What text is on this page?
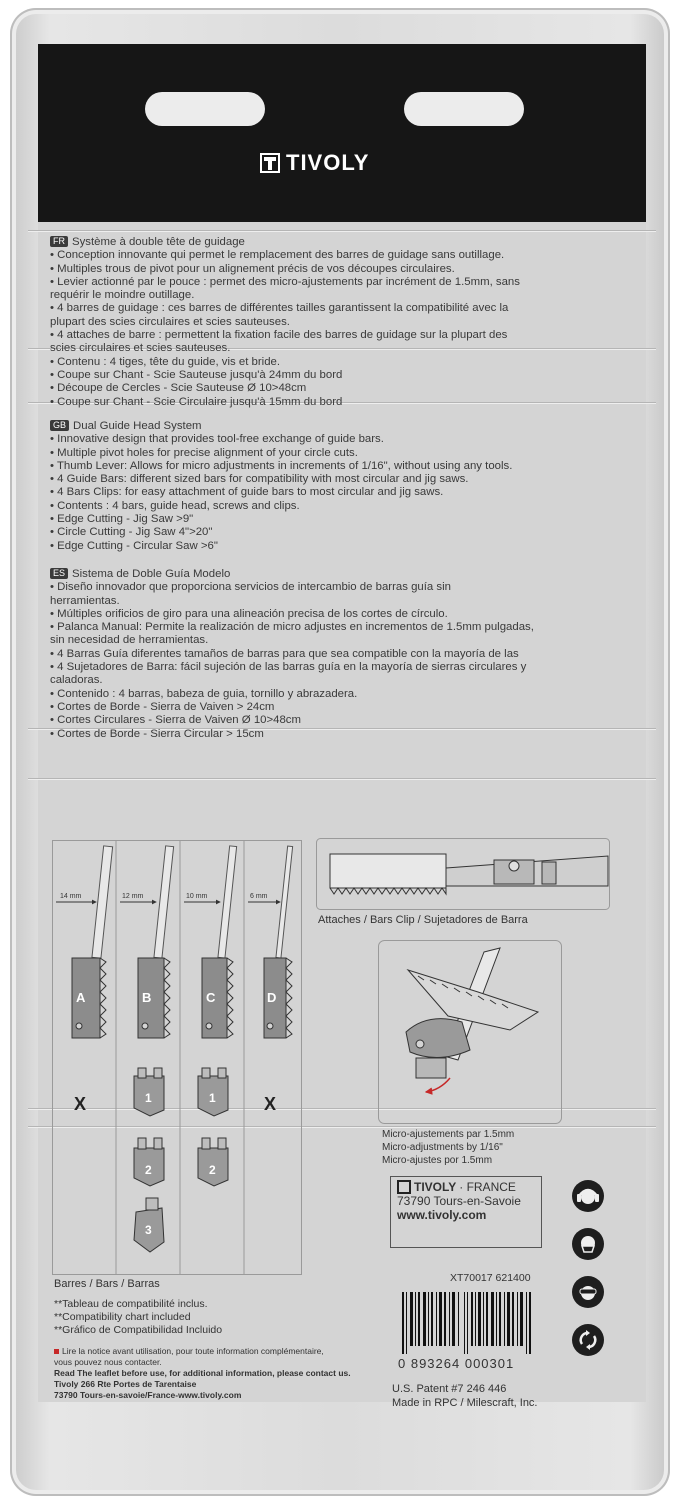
TIVOLY
FR Système à double tête de guidage
• Conception innovante qui permet le remplacement des barres de guidage sans outillage.
• Multiples trous de pivot pour un alignement précis de vos découpes circulaires.
• Levier actionné par le pouce : permet des micro-ajustements par incrément de 1.5mm, sans
requérir le moindre outillage.
• 4 barres de guidage : ces barres de différentes tailles garantissent la compatibilité avec la
plupart des scies circulaires et scies sauteuses.
• 4 attaches de barre : permettent la fixation facile des barres de guidage sur la plupart des
scies circulaires et scies sauteuses.
• Contenu : 4 tiges, tête du guide, vis et bride.
• Coupe sur Chant - Scie Sauteuse jusqu'à 24mm du bord
• Découpe de Cercles - Scie Sauteuse Ø 10>48cm
• Coupe sur Chant - Scie Circulaire jusqu'à 15mm du bord
GB Dual Guide Head System
• Innovative design that provides tool-free exchange of guide bars.
• Multiple pivot holes for precise alignment of your circle cuts.
• Thumb Lever: Allows for micro adjustments in increments of 1/16", without using any tools.
• 4 Guide Bars: different sized bars for compatibility with most circular and jig saws.
• 4 Bars Clips: for easy attachment of guide bars to most circular and jig saws.
• Contents : 4 bars, guide head, screws and clips.
• Edge Cutting - Jig Saw >9"
• Circle Cutting - Jig Saw 4">20"
• Edge Cutting - Circular Saw >6"
ES Sistema de Doble Guía Modelo
• Diseño innovador que proporciona servicios de intercambio de barras guía sin
herramientas.
• Múltiples orificios de giro para una alineación precisa de los cortes de círculo.
• Palanca Manual: Permite la realización de micro adjustes en incrementos de 1.5mm pulgadas,
sin necesidad de herramientas.
• 4 Barras Guía diferentes tamaños de barras para que sea compatible con la mayoría de las
• 4 Sujetadores de Barra: fácil sujeción de las barras guía en la mayoría de sierras circulares y
caladoras.
• Contenido : 4 barras, babeza de guia, tornillo y abrazadera.
• Cortes de Borde - Sierra de Vaiven > 24cm
• Cortes Circulares - Sierra de Vaiven Ø 10>48cm
• Cortes de Borde - Sierra Circular > 15cm
14 mm
A
12 mm
B
10 mm
C
6 mm
D
X	X
1
2
3
1
2
Attaches / Bars Clip / Sujetadores de Barra
Micro-ajustements par 1.5mm
Micro-adjustments by 1/16"
Micro-ajustes por 1.5mm
Barres / Bars / Barras
**Tableau de compatibilité inclus.
**Compatibility chart included
**Gráfico de Compatibilidad Incluido
Lire la notice avant utilisation, pour toute information complémentaire,
vous pouvez nous contacter.
Read The leaflet before use, for additional information, please contact us.
Tivoly 266 Rte Portes de Tarentaise
73790 Tours-en-savoie/France-www.tivoly.com
TIVOLY · FRANCE
73790 Tours-en-Savoie
www.tivoly.com
XT70017 621400
0 893264 000301
U.S. Patent #7 246 446
Made in RPC / Milescraft, Inc.
